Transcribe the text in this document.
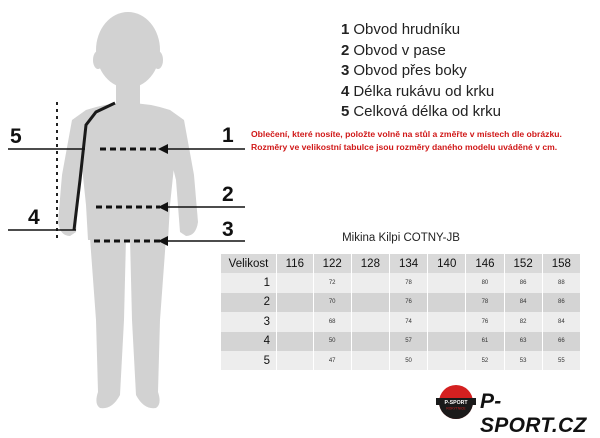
1
2
3
5
4
1 Obvod hrudníku
2 Obvod v pase
3 Obvod přes boky
4 Délka rukávu od krku
5 Celková délka od krku
Oblečení, které nosíte, položte volně na stůl a změřte v místech dle obrázku.
Rozměry ve velikostní tabulce jsou rozměry daného modelu uváděné v cm.
Mikina Kilpi COTNY-JB
Velikost	116	122	128	134	140	146	152	158
1		72		78		80	86	88
2		70		76		78	84	86
3		68		74		76	82	84
4		50		57		61	63	66
5		47		50		52	53	55
P-SPORT
ROKYTNICE P-SPORT.CZ
